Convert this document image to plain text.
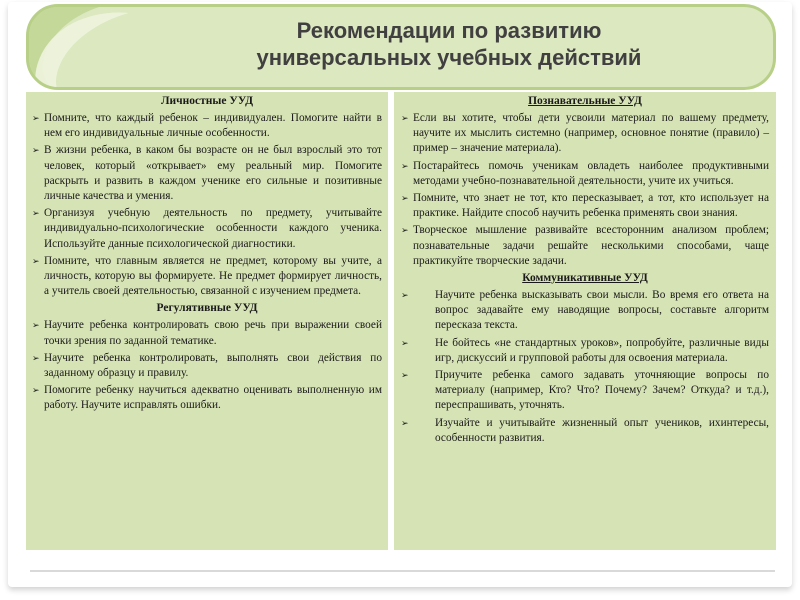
Рекомендации по развитию
универсальных учебных действий
Личностные УУД
➢ Помните, что каждый ребенок – индивидуален. Помогите найти в нем его индивидуальные личные особенности.
➢ В жизни ребенка, в каком бы возрасте он не был взрослый это тот человек, который «открывает» ему реальный мир. Помогите раскрыть и развить в каждом ученике его сильные и позитивные личные качества и умения.
➢ Организуя учебную деятельность по предмету, учитывайте индивидуально-психологические особенности каждого ученика. Используйте данные психологической диагностики.
➢ Помните, что главным является не предмет, которому вы учите, а личность, которую вы формируете. Не предмет формирует личность, а учитель своей деятельностью, связанной с изучением предмета.
Регулятивные УУД
➢ Научите ребенка контролировать свою речь при выражении своей точки зрения по заданной тематике.
➢ Научите ребенка контролировать, выполнять свои действия по заданному образцу и правилу.
➢ Помогите ребенку научиться адекватно оценивать выполненную им работу. Научите исправлять ошибки.
Познавательные УУД
➢ Если вы хотите, чтобы дети усвоили материал по вашему предмету, научите их мыслить системно (например, основное понятие (правило) – пример – значение материала).
➢ Постарайтесь помочь ученикам овладеть наиболее продуктивными методами учебно-познавательной деятельности, учите их учиться.
➢ Помните, что знает не тот, кто пересказывает, а тот, кто использует на практике. Найдите способ научить ребенка применять свои знания.
➢ Творческое мышление развивайте всесторонним анализом проблем; познавательные задачи решайте несколькими способами, чаще практикуйте творческие задачи.
Коммуникативные УУД
➢	Научите ребенка высказывать свои мысли. Во время его ответа на вопрос задавайте ему наводящие вопросы, составьте алгоритм пересказа текста.
➢	Не бойтесь «не стандартных уроков», попробуйте, различные виды игр, дискуссий и групповой работы для освоения материала.
➢	Приучите ребенка самого задавать уточняющие вопросы по материалу (например, Кто? Что? Почему? Зачем? Откуда? и т.д.), переспрашивать, уточнять.
➢	Изучайте и учитывайте жизненный опыт учеников, ихинтересы, особенности развития.
